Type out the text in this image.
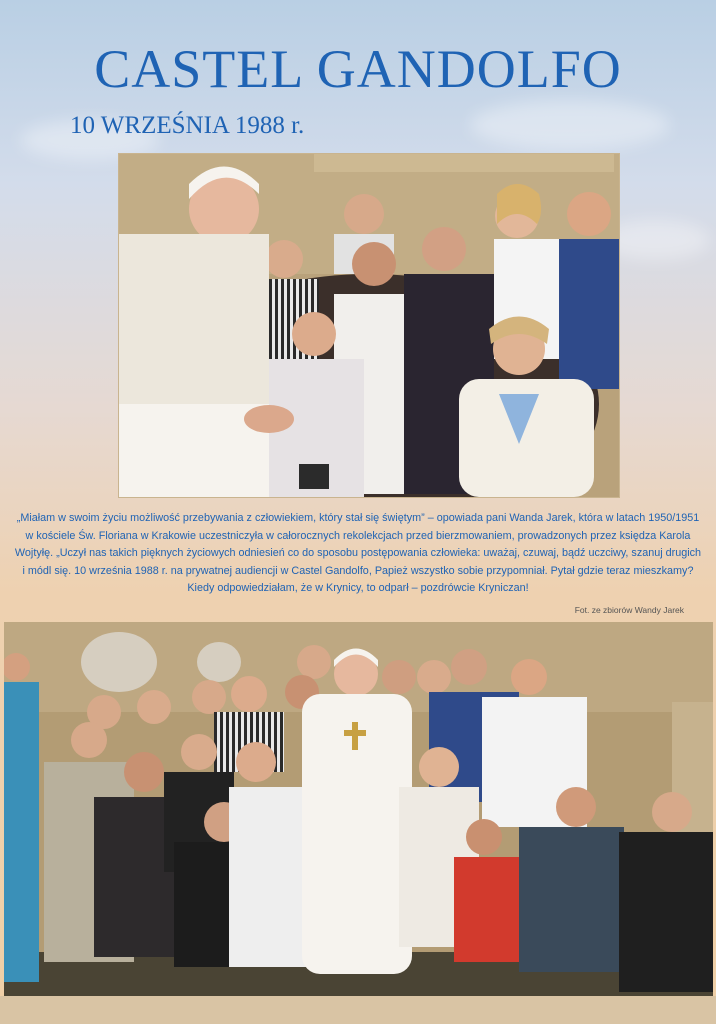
CASTEL GANDOLFO
10 WRZEŚNIA 1988 r.

„Miałam w swoim życiu możliwość przebywania z człowiekiem, który stał się świętym” – opowiada pani Wanda Jarek, która w latach 1950/1951 w kościele Św. Floriana w Krakowie uczestniczyła w całorocznych rekolekcjach przed bierzmowaniem, prowadzonych przez księdza Karola Wojtyłę. „Uczył nas takich pięknych życiowych odniesień co do sposobu postępowania człowieka: uważaj, czuwaj, bądź uczciwy, szanuj drugich i módl się. 10 września 1988 r. na prywatnej audiencji w Castel Gandolfo, Papież wszystko sobie przypomniał. Pytał gdzie teraz mieszkamy? Kiedy odpowiedziałam, że w Krynicy, to odparł – pozdrówcie Kryniczan!

Fot. ze zbiorów Wandy Jarek
